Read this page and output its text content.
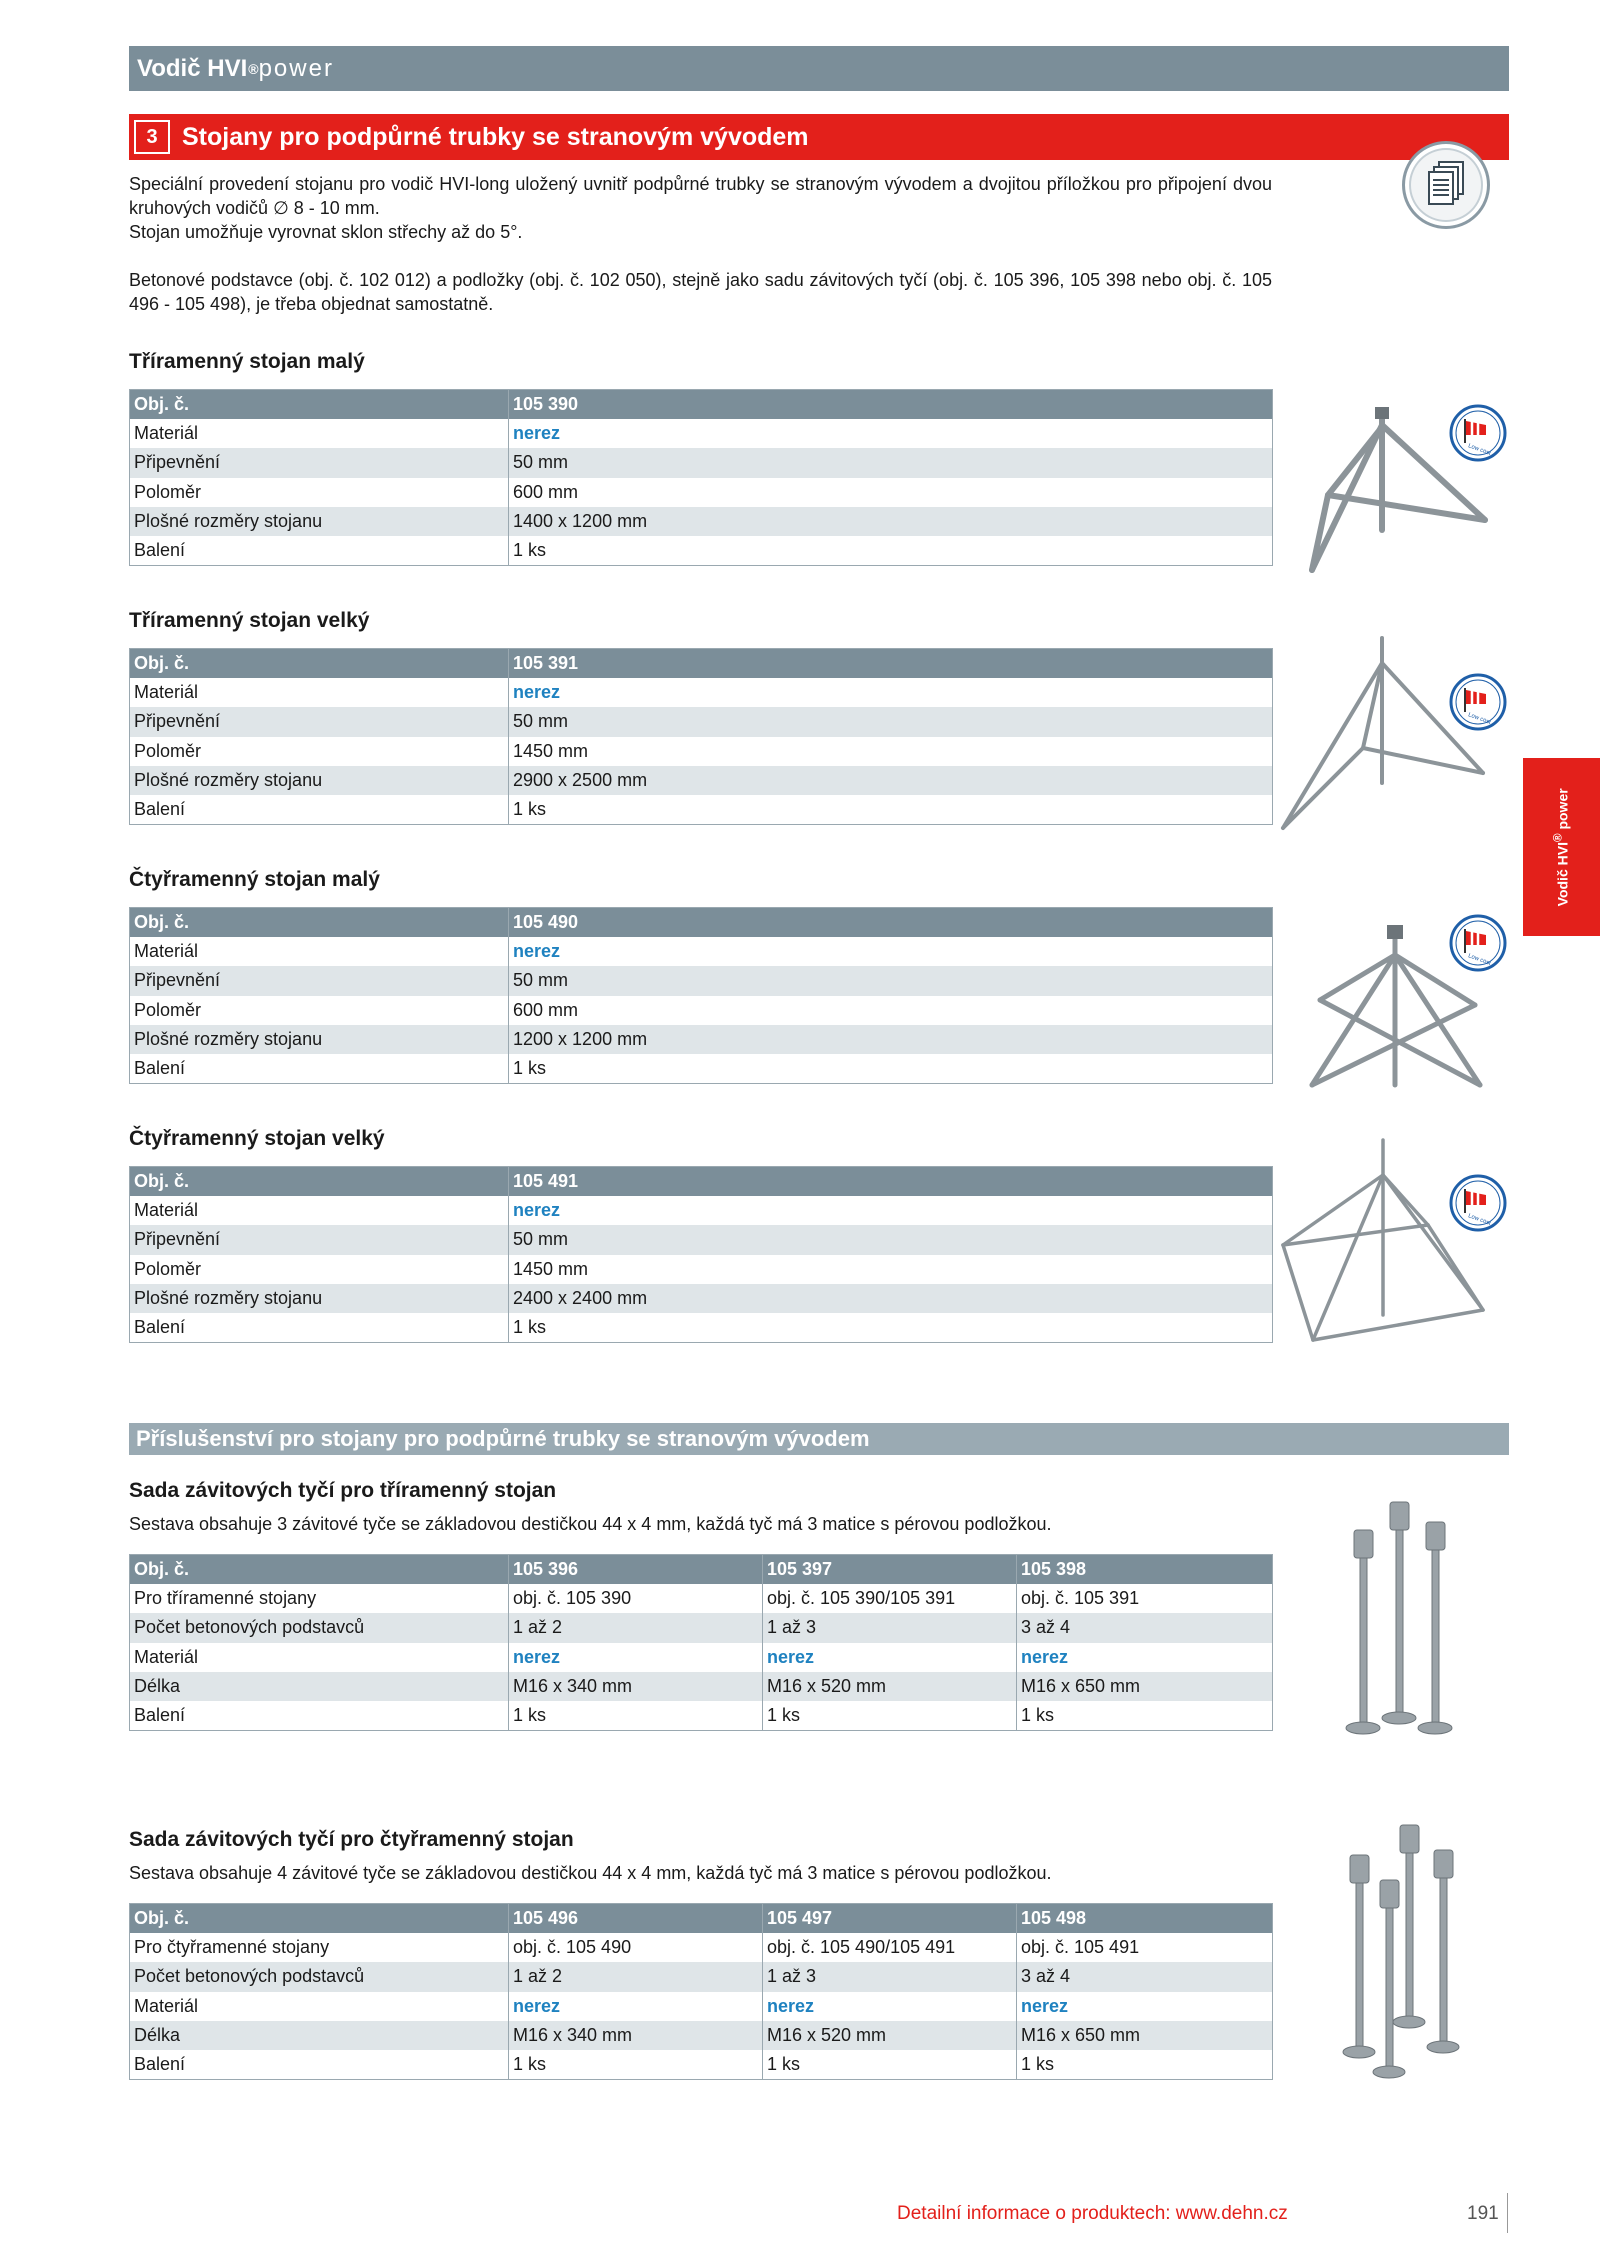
Vodič HVI ® power
3 Stojany pro podpůrné trubky se stranovým vývodem
Speciální provedení stojanu pro vodič HVI-long uložený uvnitř podpůrné trubky se stranovým vývodem a dvojitou příložkou pro připojení dvou kruhových vodičů ∅ 8 - 10 mm.
Stojan umožňuje vyrovnat sklon střechy až do 5°.
Betonové podstavce (obj. č. 102 012) a podložky (obj. č. 102 050), stejně jako sadu závitových tyčí (obj. č. 105 396, 105 398 nebo obj. č. 105 496 - 105 498), je třeba objednat samostatně.
Tříramenný stojan malý
Obj. č.	105 390
Materiál	nerez
Připevnění	50 mm
Poloměr	600 mm
Plošné rozměry stojanu	1400 x 1200 mm
Balení	1 ks
Tříramenný stojan velký
Obj. č.	105 391
Materiál	nerez
Připevnění	50 mm
Poloměr	1450 mm
Plošné rozměry stojanu	2900 x 2500 mm
Balení	1 ks
Čtyřramenný stojan malý
Obj. č.	105 490
Materiál	nerez
Připevnění	50 mm
Poloměr	600 mm
Plošné rozměry stojanu	1200 x 1200 mm
Balení	1 ks
Čtyřramenný stojan velký
Obj. č.	105 491
Materiál	nerez
Připevnění	50 mm
Poloměr	1450 mm
Plošné rozměry stojanu	2400 x 2400 mm
Balení	1 ks
Low cost
Low cost
Low cost
Low cost
Příslušenství pro stojany pro podpůrné trubky se stranovým vývodem
Sada závitových tyčí pro tříramenný stojan
Sestava obsahuje 3 závitové tyče se základovou destičkou 44 x 4 mm, každá tyč má 3 matice s pérovou podložkou.
Obj. č.	105 396	105 397	105 398
Pro tříramenné stojany	obj. č. 105 390	obj. č. 105 390/105 391	obj. č. 105 391
Počet betonových podstavců	1 až 2	1 až 3	3 až 4
Materiál	nerez	nerez	nerez
Délka	M16 x 340 mm	M16 x 520 mm	M16 x 650 mm
Balení	1 ks	1 ks	1 ks
Sada závitových tyčí pro čtyřramenný stojan
Sestava obsahuje 4 závitové tyče se základovou destičkou 44 x 4 mm, každá tyč má 3 matice s pérovou podložkou.
Obj. č.	105 496	105 497	105 498
Pro čtyřramenné stojany	obj. č. 105 490	obj. č. 105 490/105 491	obj. č. 105 491
Počet betonových podstavců	1 až 2	1 až 3	3 až 4
Materiál	nerez	nerez	nerez
Délka	M16 x 340 mm	M16 x 520 mm	M16 x 650 mm
Balení	1 ks	1 ks	1 ks
Vodič HVI® power
Detailní informace o produktech: www.dehn.cz	191
